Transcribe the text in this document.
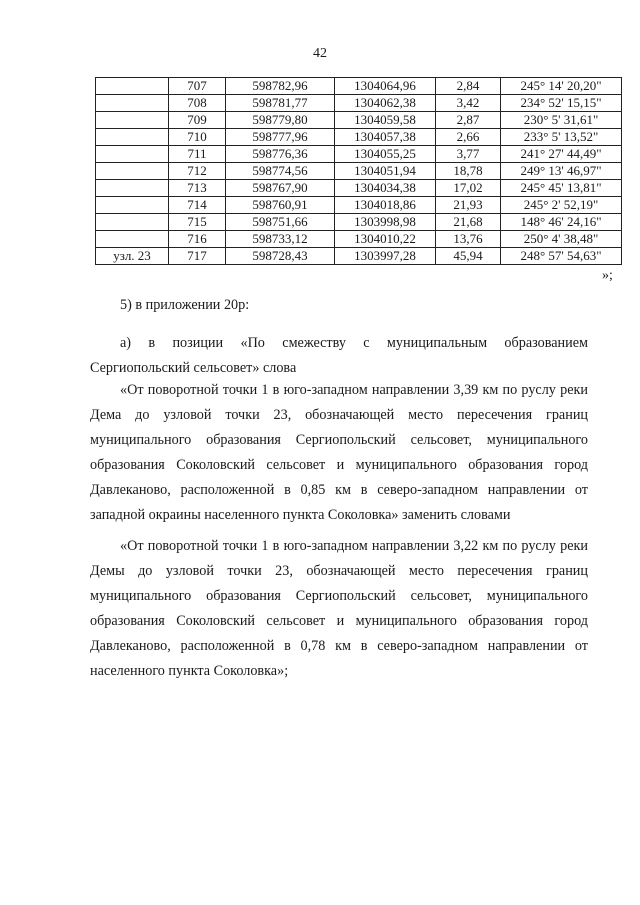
42
	707	598782,96	1304064,96	2,84	245° 14' 20,20"
	708	598781,77	1304062,38	3,42	234° 52' 15,15"
	709	598779,80	1304059,58	2,87	230° 5' 31,61"
	710	598777,96	1304057,38	2,66	233° 5' 13,52"
	711	598776,36	1304055,25	3,77	241° 27' 44,49"
	712	598774,56	1304051,94	18,78	249° 13' 46,97"
	713	598767,90	1304034,38	17,02	245° 45' 13,81"
	714	598760,91	1304018,86	21,93	245° 2' 52,19"
	715	598751,66	1303998,98	21,68	148° 46' 24,16"
	716	598733,12	1304010,22	13,76	250° 4' 38,48"
узл. 23	717	598728,43	1303997,28	45,94	248° 57' 54,63"
»;

5) в приложении 20р:

а) в позиции «По смежеству с муниципальным образованием Сергиопольский сельсовет» слова

«От поворотной точки 1 в юго-западном направлении 3,39 км по руслу реки Дема до узловой точки 23, обозначающей место пересечения границ муниципального образования Сергиопольский сельсовет, муниципального образования Соколовский сельсовет и муниципального образования город Давлеканово, расположенной в 0,85 км в северо-западном направлении от западной окраины населенного пункта Соколовка» заменить словами

«От поворотной точки 1 в юго-западном направлении 3,22 км по руслу реки Демы до узловой точки 23, обозначающей место пересечения границ муниципального образования Сергиопольский сельсовет, муниципального образования Соколовский сельсовет и муниципального образования город Давлеканово, расположенной в 0,78 км в северо-западном направлении от населенного пункта Соколовка»;
